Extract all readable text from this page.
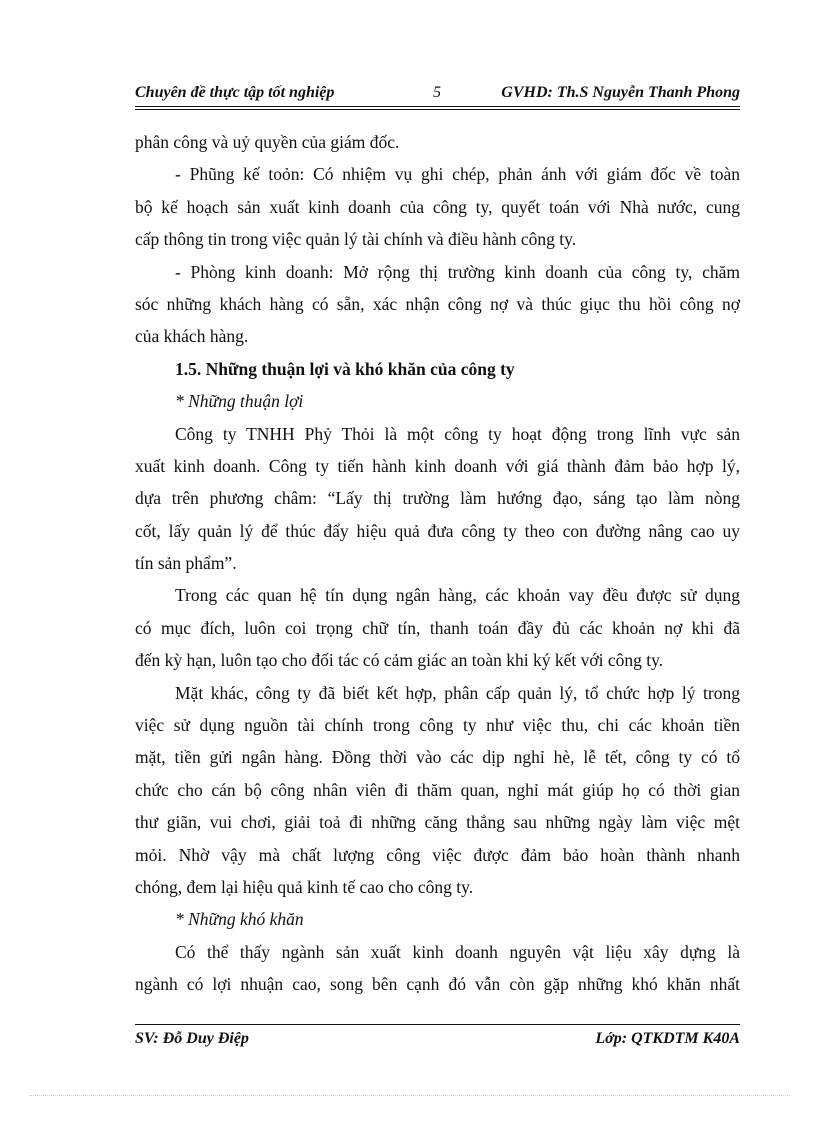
Chuyên đề thực tập tốt nghiệp	5	GVHD: Th.S Nguyễn Thanh Phong
phân công và uỷ quyền của giám đốc.
- Phũng kế toỏn: Có nhiệm vụ ghi chép, phản ánh với giám đốc về toàn
bộ kế hoạch sản xuất kinh doanh của công ty, quyết toán với Nhà nước, cung
cấp thông tin trong việc quản lý tài chính và điều hành công ty.
- Phòng kinh doanh: Mở rộng thị trường kinh doanh của công ty, chăm
sóc những khách hàng có sẵn, xác nhận công nợ và thúc giục thu hồi công nợ
của khách hàng.
1.5. Những thuận lợi và khó khăn của công ty
* Những thuận lợi
Công ty TNHH Phỷ Thỏi là một công ty hoạt động trong lĩnh vực sản
xuất kinh doanh. Công ty tiến hành kinh doanh với giá thành đảm bảo hợp lý,
dựa trên phương châm: “Lấy thị trường làm hướng đạo, sáng tạo làm nòng
cốt, lấy quản lý để thúc đẩy hiệu quả đưa công ty theo con đường nâng cao uy
tín sản phẩm”.
Trong các quan hệ tín dụng ngân hàng, các khoản vay đều được sử dụng
có mục đích, luôn coi trọng chữ tín, thanh toán đầy đủ các khoản nợ khi đã
đến kỳ hạn, luôn tạo cho đối tác có cảm giác an toàn khi ký kết với công ty.
Mặt khác, công ty đã biết kết hợp, phân cấp quản lý, tổ chức hợp lý trong
việc sử dụng nguồn tài chính trong công ty như việc thu, chi các khoản tiền
mặt, tiền gửi ngân hàng. Đồng thời vào các dịp nghỉ hè, lễ tết, công ty có tổ
chức cho cán bộ công nhân viên đi thăm quan, nghỉ mát giúp họ có thời gian
thư giãn, vui chơi, giải toả đi những căng thẳng sau những ngày làm việc mệt
mỏi. Nhờ vậy mà chất lượng công việc được đảm bảo hoàn thành nhanh
chóng, đem lại hiệu quả kinh tế cao cho công ty.
* Những khó khăn
Có thể thấy ngành sản xuất kinh doanh nguyên vật liệu xây dựng là
ngành có lợi nhuận cao, song bên cạnh đó vẫn còn gặp những khó khăn nhất
SV: Đỗ Duy Điệp	Lớp: QTKDTM K40A
